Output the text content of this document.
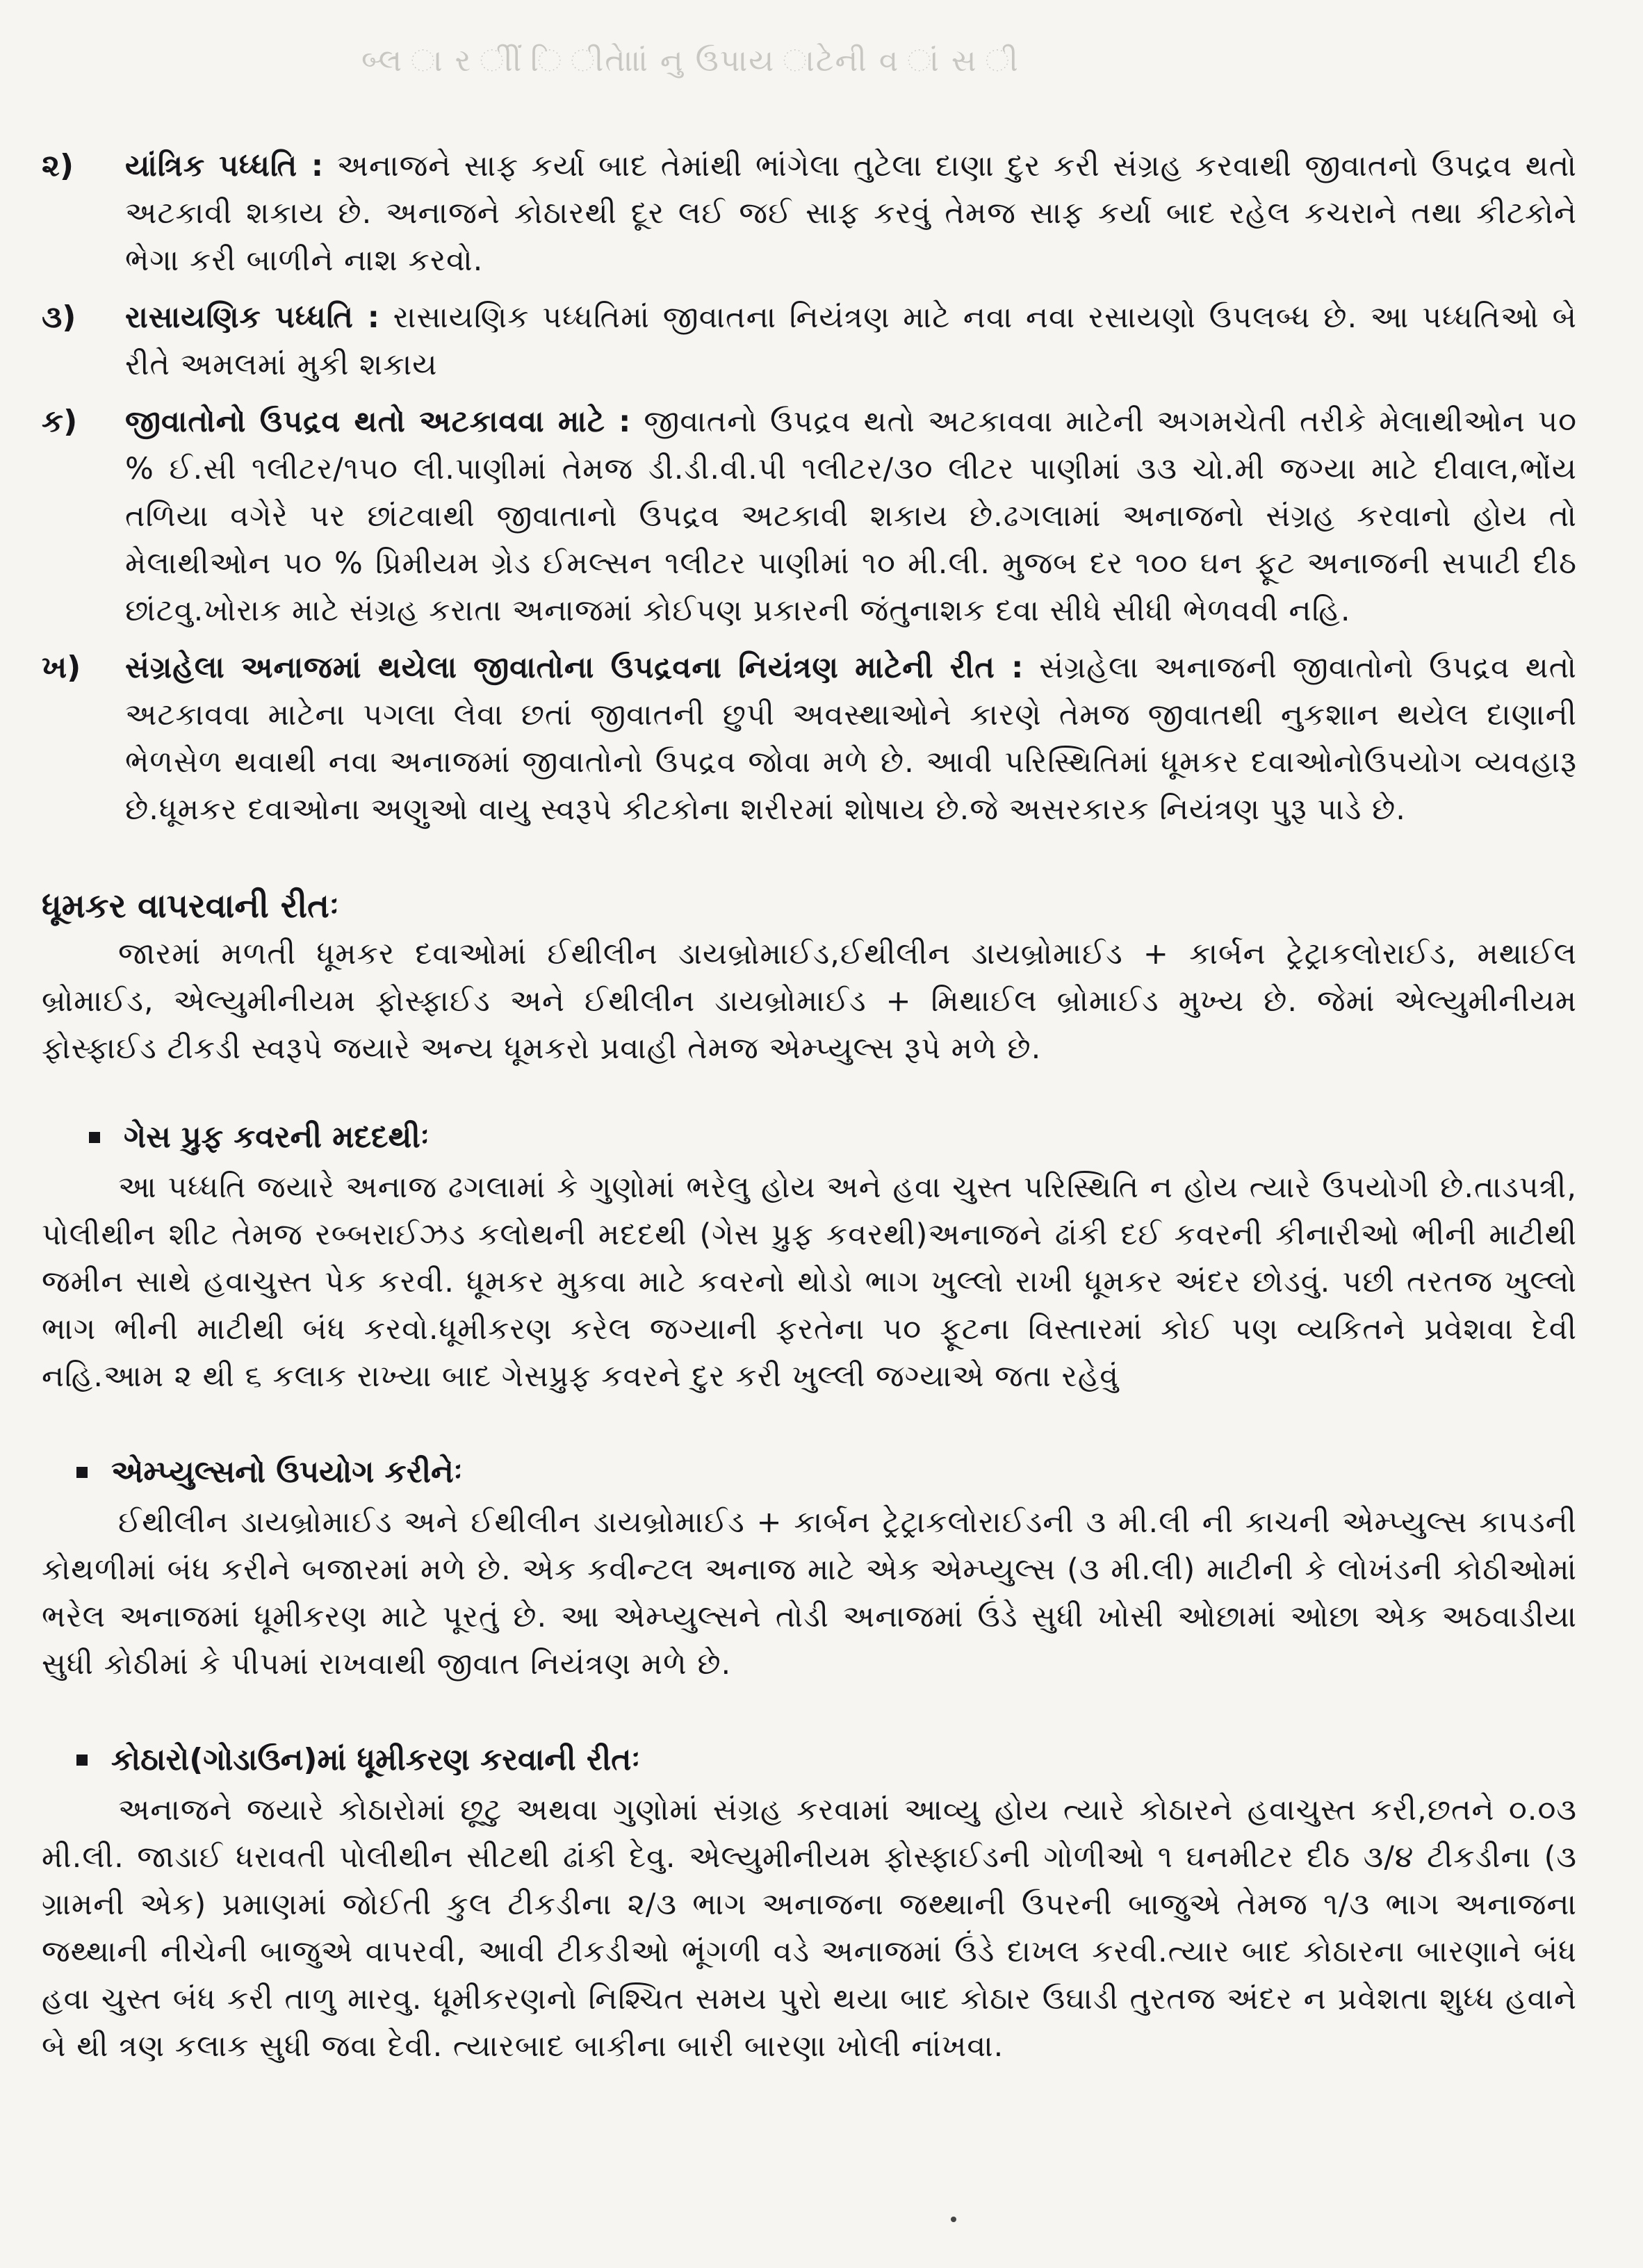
બ્લ ા ર ીીં િ ીતાેાાં નુ ઉપાય ાટેની વ ાં સ ી
૨)	યાંત્રિક પધ્ધતિ : અનાજને સાફ કર્યા બાદ તેમાંથી ભાંગેલા તુટેલા દાણા દુર કરી સંગ્રહ કરવાથી જીવાતનો ઉપદ્રવ થતો અટકાવી શકાય છે. અનાજને કોઠારથી દૂર લઈ જઈ સાફ કરવું તેમજ સાફ કર્યા બાદ રહેલ કચરાને તથા કીટકોને ભેગા કરી બાળીને નાશ કરવો.
૩)	રાસાયણિક પધ્ધતિ : રાસાયણિક પધ્ધતિમાં જીવાતના નિયંત્રણ માટે નવા નવા રસાયણો ઉપલબ્ધ છે. આ પધ્ધતિઓ બે રીતે અમલમાં મુકી શકાય
ક)	જીવાતોનો ઉપદ્રવ થતો અટકાવવા માટે : જીવાતનો ઉપદ્રવ થતો અટકાવવા માટેની અગમચેતી તરીકે મેલાથીઓન ૫૦ % ઈ.સી ૧લીટર/૧૫૦ લી.પાણીમાં તેમજ ડી.ડી.વી.પી ૧લીટર/૩૦ લીટર પાણીમાં ૩૩ ચો.મી જગ્યા માટે દીવાલ,ભોંય તળિયા વગેરે પર છાંટવાથી જીવાતાનો ઉપદ્રવ અટકાવી શકાય છે.ઢગલામાં અનાજનો સંગ્રહ કરવાનો હોય તો મેલાથીઓન ૫૦ % પ્રિમીયમ ગ્રેડ ઈમલ્સન ૧લીટર પાણીમાં ૧૦ મી.લી. મુજબ દર ૧૦૦ ઘન ફૂટ અનાજની સપાટી દીઠ છાંટવુ.ખોરાક માટે સંગ્રહ કરાતા અનાજમાં કોઈપણ પ્રકારની જંતુનાશક દવા સીધે સીધી ભેળવવી નહિ.
ખ)	સંગ્રહેલા અનાજમાં થયેલા જીવાતોના ઉપદ્રવના નિયંત્રણ માટેની રીત : સંગ્રહેલા અનાજની જીવાતોનો ઉપદ્રવ થતો અટકાવવા માટેના પગલા લેવા છતાં જીવાતની છુપી અવસ્થાઓને કારણે તેમજ જીવાતથી નુકશાન થયેલ દાણાની ભેળસેળ થવાથી નવા અનાજમાં જીવાતોનો ઉપદ્રવ જોવા મળે છે. આવી પરિસ્થિતિમાં ધૂમકર દવાઓનોઉપયોગ વ્યવહારૂ છે.ધૂમકર દવાઓના અણુઓ વાયુ સ્વરૂપે કીટકોના શરીરમાં શોષાય છે.જે અસરકારક નિયંત્રણ પુરૂ પાડે છે.
ધૂમકર વાપરવાની રીતઃ
જારમાં મળતી ધૂમકર દવાઓમાં ઈથીલીન ડાયબ્રોમાઈડ,ઈથીલીન ડાયબ્રોમાઈડ + કાર્બન ટ્રેટ્રાકલોરાઈડ, મથાઈલ બ્રોમાઈડ, એલ્યુમીનીયમ ફોસ્ફાઈડ અને ઈથીલીન ડાયબ્રોમાઈડ + મિથાઈલ બ્રોમાઈડ મુખ્ય છે. જેમાં એલ્યુમીનીયમ ફોસ્ફાઈડ ટીકડી સ્વરૂપે જયારે અન્ય ધૂમકરો પ્રવાહી તેમજ એમ્પ્યુલ્સ રૂપે મળે છે.
ગેસ પ્રુફ કવરની મદદથીઃ
આ પધ્ધતિ જયારે અનાજ ઢગલામાં કે ગુણોમાં ભરેલુ હોય અને હવા ચુસ્ત પરિસ્થિતિ ન હોય ત્યારે ઉપયોગી છે.તાડપત્રી, પોલીથીન શીટ તેમજ રબ્બરાઈઝડ કલોથની મદદથી (ગેસ પ્રુફ કવરથી)અનાજને ઢાંકી દઈ કવરની કીનારીઓ ભીની માટીથી જમીન સાથે હવાચુસ્ત પેક કરવી. ધૂમકર મુકવા માટે કવરનો થોડો ભાગ ખુલ્લો રાખી ધૂમકર અંદર છોડવું. પછી તરતજ ખુલ્લો ભાગ ભીની માટીથી બંધ કરવો.ધૂમીકરણ કરેલ જગ્યાની ફરતેના ૫૦ ફૂટના વિસ્તારમાં કોઈ પણ વ્યકિતને પ્રવેશવા દેવી નહિ.આમ ૨ થી ૬ કલાક રાખ્યા બાદ ગેસપ્રુફ કવરને દુર કરી ખુલ્લી જગ્યાએ જતા રહેવું
એમ્પ્યુલ્સનો ઉપયોગ કરીનેઃ
ઈથીલીન ડાયબ્રોમાઈડ અને ઈથીલીન ડાયબ્રોમાઈડ + કાર્બન ટ્રેટ્રાકલોરાઈડની ૩ મી.લી ની કાચની એમ્પ્યુલ્સ કાપડની કોથળીમાં બંધ કરીને બજારમાં મળે છે. એક કવીન્ટલ અનાજ માટે એક એમ્પ્યુલ્સ (૩ મી.લી) માટીની કે લોખંડની કોઠીઓમાં ભરેલ અનાજમાં ધૂમીકરણ માટે પૂરતું છે. આ એમ્પ્યુલ્સને તોડી અનાજમાં ઉંડે સુધી ખોસી ઓછામાં ઓછા એક અઠવાડીયા સુધી કોઠીમાં કે પીપમાં રાખવાથી જીવાત નિયંત્રણ મળે છે.
કોઠારો(ગોડાઉન)માં ધૂમીકરણ કરવાની રીતઃ
અનાજને જયારે કોઠારોમાં છૂટુ અથવા ગુણોમાં સંગ્રહ કરવામાં આવ્યુ હોય ત્યારે કોઠારને હવાચુસ્ત કરી,છતને ૦.૦૩ મી.લી. જાડાઈ ધરાવતી પોલીથીન સીટથી ઢાંકી દેવુ. એલ્યુમીનીયમ ફોસ્ફાઈડની ગોળીઓ ૧ ઘનમીટર દીઠ ૩/૪ ટીકડીના (૩ ગ્રામની એક) પ્રમાણમાં જોઈતી કુલ ટીકડીના ૨/૩ ભાગ અનાજના જથ્થાની ઉપરની બાજુએ તેમજ ૧/૩ ભાગ અનાજના જથ્થાની નીચેની બાજુએ વાપરવી, આવી ટીકડીઓ ભૂંગળી વડે અનાજમાં ઉંડે દાખલ કરવી.ત્યાર બાદ કોઠારના બારણાને બંધ હવા ચુસ્ત બંધ કરી તાળુ મારવુ. ધૂમીકરણનો નિશ્ચિત સમય પુરો થયા બાદ કોઠાર ઉઘાડી તુરતજ અંદર ન પ્રવેશતા શુધ્ધ હવાને બે થી ત્રણ કલાક સુધી જવા દેવી. ત્યારબાદ બાકીના બારી બારણા ખોલી નાંખવા.
